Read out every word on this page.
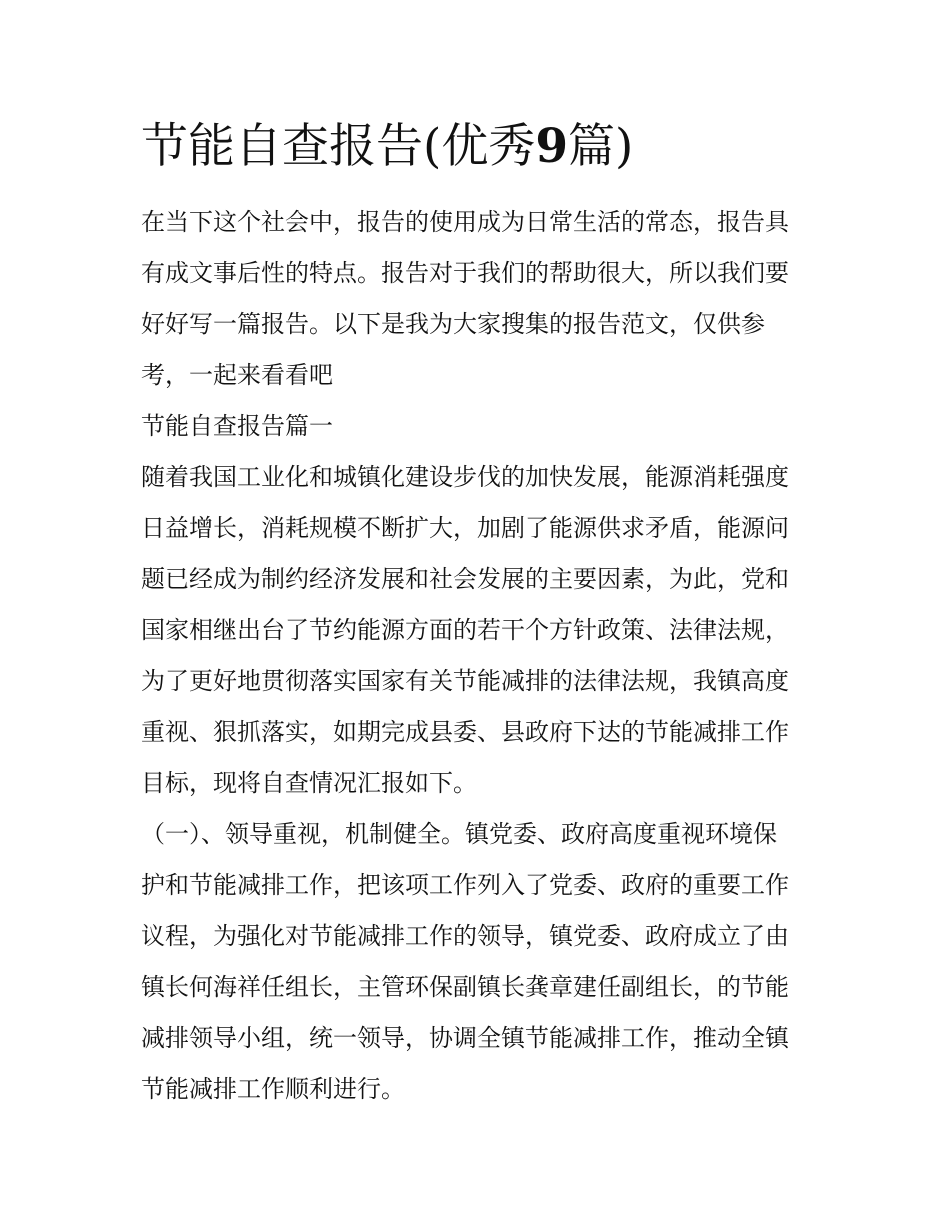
节能自查报告(优秀9篇)

在当下这个社会中，报告的使用成为日常生活的常态，报告具

有成文事后性的特点。报告对于我们的帮助很大，所以我们要

好好写一篇报告。以下是我为大家搜集的报告范文，仅供参

考，一起来看看吧

节能自查报告篇一

随着我国工业化和城镇化建设步伐的加快发展，能源消耗强度

日益增长，消耗规模不断扩大，加剧了能源供求矛盾，能源问

题已经成为制约经济发展和社会发展的主要因素，为此，党和

国家相继出台了节约能源方面的若干个方针政策、法律法规，

为了更好地贯彻落实国家有关节能减排的法律法规，我镇高度

重视、狠抓落实，如期完成县委、县政府下达的节能减排工作

目标，现将自查情况汇报如下。

（一）、领导重视，机制健全。镇党委、政府高度重视环境保

护和节能减排工作，把该项工作列入了党委、政府的重要工作

议程，为强化对节能减排工作的领导，镇党委、政府成立了由

镇长何海祥任组长，主管环保副镇长龚章建任副组长，的节能

减排领导小组，统一领导，协调全镇节能减排工作，推动全镇

节能减排工作顺利进行。
